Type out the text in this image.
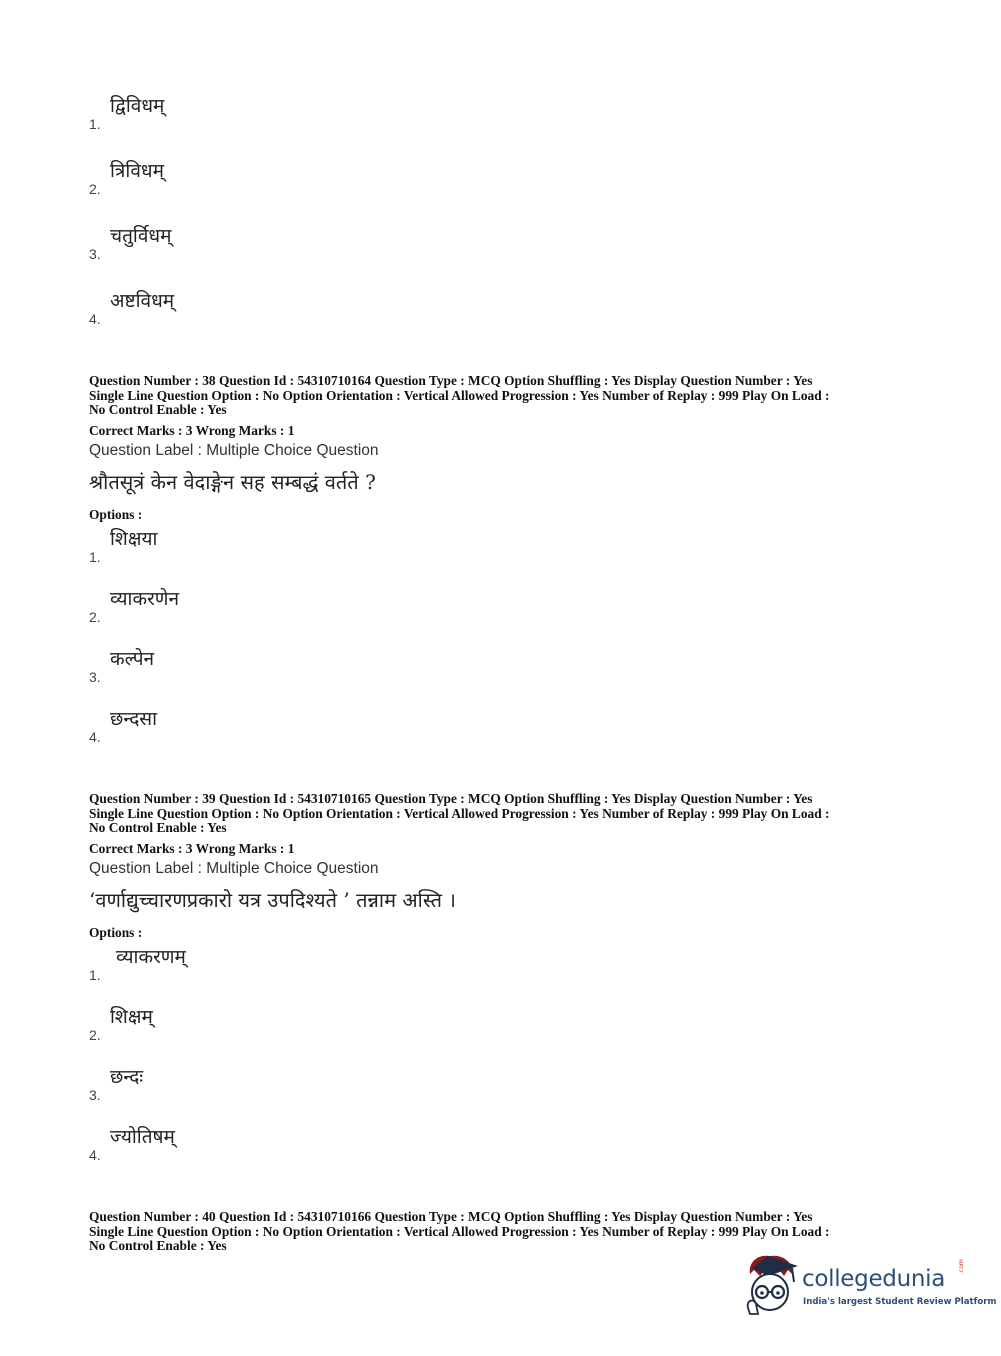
द्विविधम्
1.
त्रिविधम्
2.
चतुर्विधम्
3.
अष्टविधम्
4.
Question Number : 38 Question Id : 54310710164 Question Type : MCQ Option Shuffling : Yes Display Question Number : Yes
Single Line Question Option : No Option Orientation : Vertical Allowed Progression : Yes Number of Replay : 999 Play On Load :
No Control Enable : Yes
Correct Marks : 3 Wrong Marks : 1
Question Label : Multiple Choice Question
श्रौतसूत्रं केन वेदाङ्गेन सह सम्बद्धं वर्तते ?
Options :
शिक्षया
1.
व्याकरणेन
2.
कल्पेन
3.
छन्दसा
4.
Question Number : 39 Question Id : 54310710165 Question Type : MCQ Option Shuffling : Yes Display Question Number : Yes
Single Line Question Option : No Option Orientation : Vertical Allowed Progression : Yes Number of Replay : 999 Play On Load :
No Control Enable : Yes
Correct Marks : 3 Wrong Marks : 1
Question Label : Multiple Choice Question
‘वर्णाद्युच्चारणप्रकारो यत्र उपदिश्यते ’ तन्नाम अस्ति ।
Options :
व्याकरणम्
1.
शिक्षम्
2.
छन्दः
3.
ज्योतिषम्
4.
Question Number : 40 Question Id : 54310710166 Question Type : MCQ Option Shuffling : Yes Display Question Number : Yes
Single Line Question Option : No Option Orientation : Vertical Allowed Progression : Yes Number of Replay : 999 Play On Load :
No Control Enable : Yes
collegedunia .com
India's largest Student Review Platform
